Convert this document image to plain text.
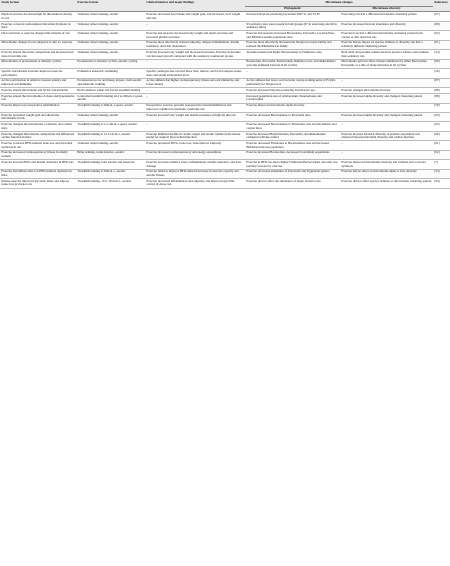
Study format	Exercise format	Clinical features and major findings	Microbiome changes		Reference
			Phylogenetic	Microbiome diversity	
Physical exercise decreased high fat diet-induced obesity in rats	Volunteer wheel running, aerobic	Exercise decreased food intake and weight gain, and increased cecal weight and size	Increased butyrate-producing bacterium SM7/11 and T2-87	Exercising rats had a different microbiome clustering pattern	[67]
Exercise corrected toxin-induced microbial dysbiosis in mice	Volunteer wheel running, aerobic	–	93 exclusive taxa were present in both groups (67 in exercising and 26 in sedentary mice)	Exercise increased bacteria abundance and diversity	[68]
Diet restriction or exercise changed microbiome of rats	Volunteer wheel running, aerobic	Exercise and anorexia decreased body weight and leptin secretion and increased ghrelin secretion	Exercise and anorexia increased Bacteroides, Prevotella, Lactobacillus, and Bifidobacterium population sizes	Exercised rats had a different microbiome clustering pattern from control or diet restricted rats	[62]
Microbiome changes in rats subjected to diet vs. exercise	Volunteer wheel running, aerobic	Exercise more effectively reduced adiposity, adipose inflammation, insulin resistance, and LDL cholesterol	Exercise more effectively increased the Streptococcaceae family and reduced the Rikenellaceae family	Exercise had no impact on species richness or diversity, but had a relatively different clustering pattern	[61]
Exercise altered microbial composition and increased lean mass in juvenile rats	Volunteer wheel running, aerobic	Exercise lowered body weight and increased lean mass. Exercise in juvenile rats increased growth compared with the sedentary counterpart groups	Juvenile runners had higher Bacteroidetes to Firmicutes ratio	Both adult and juvenile runners had less species richness and evenness than sedentary rats	[54]
Microbiomes of professional or amateur cyclists	Professional or amateur cyclists, aerobic cycling	–	Bacteroides, Prevotella, Eubacterium, Ruminococcus, and Akkermansia were the dominant bacteria in all cyclists	Microbiome split into three clusters dominated by either Bacteroides, Prevotella, or a mix of many microbes in all cyclists	[60]
Specific microbiome structure improved exercise performance	Exhaustive anaerobic swimming	Specific pathogen-free rats had more liver, muscle, and brown adipose tissue mass and serum antioxidants level	–	–	[56]
Active participation in athletics lowered anxiety and improved oral immunity	Professional soccer and hokey players, both aerobic and anaerobic training	Active athletes had higher cardiorespiratory fitness and oral immunity, and lower anxiety	Active athletes had lower oral bacterial colony-forming units (CFU)/ml, particularly for Streptococci	–	[87]
Exercise altered microbiome and SCFA concentration	Both volunteer wheel and forced treadmill running	–	Exercise increased butyrate-producing Turicibacter spp.	Exercise changed microbiome diversity	[88]
Exercise altered the microbiome of obese and hypertensive rats	Controlled treadmill running at12 to 20m.m-1 speed, aerobic	–	Increased population size of Allobaculum, Pseudomonas and Lactobacillus	Exercise increased alpha diversity and changed clustering pattern	[89]
Exercise improved postoperative rehabilitation	Treadmill training at 20m.m-1 speed, aerobic	Preoperative exercise prevents postoperative neuroinflammation and improves cognition in metabolic syndrome rats	Exercise improved microbiome alpha diversity		[59]
Exercise prevented weight gain and altered the microbiome in rats	Volunteer wheel running, aerobic	Exercise lowered body weight and insulin resistance in high-fat diet rats	Exercise decreased Bacteroidetes to Prevotella ratio	Exercise increased alpha diversity and changed clustering pattern	[63]
Exercise changed the microbiome of diabetic and control mice	Treadmill running at 2 to 4m.m-1 speed, aerobic	–	Exercise decreased Bacteroidetes to Firmicutes ratio in both diabetic and control mice	–	[65]
Exercise changed microbiome composition and influenced cardiac function in mice	Treadmill running at 12-15 m.m-1, aerobic	Exercise inhibited decline in cardiac output and stroke volume in the mouse model for surgical myocardial infarction	Exercise increased Butyricimonas, Prevotella, and Akkermansia compared with the control	Exercise increase bacterial diversity. A positive association was observed between microbial diversity and cardiac function	[90]
Exercise corrected HFD-induced bone loss and microbial dysbiosis in rats	Volunteer wheel running, aerobic	Exercise prevented BWG, bone loss, bone marrow adiposity	Exercise decreased Firmicutes to Bacteroidetes ratio and increased Bifidobacteriaceae population	–	[91]
Exercise increased cardiorespiratory fitness in elderly women	Brisk walking, trunk muscles, aerobic	Exercise increased cardiorespiratory and energy expenditure	Exercise increased Bacteroides, decreased Clostridium populations	–	[92]
Exercise lowered BWG and insulin resistance in HFD rats	Treadmill running, both aerobic and anaerobic	Exercise lowered oxidative stress, inflammation, insulin resistance, and liver damage	Exercise in HFD rats had a higher Firmicutes/Bacteroidetes ratio that was partially reverted by exercise	Exercise improved microbiome diversity and richness and corrected dysbiosis	[7]
Exercise had limited effect on HFD-induced dysbiosis in mice	Treadmill running at 20m.m-1, aerobic	Exercise failed to improve HFD-induced decrease in exercise capacity and aerobic fitness	Exercise decreased abundance of Prevotella and Tiggeredae genera	Exercise had no effect on microbiome alpha or beta diversity	[53]
Intense exercise improved glycemic index and adipose tissue loss in Zucker rats	Treadmill running, 10 to 18 m.m-1, aerobic	Exercise decreased inflammation and adiposity and improved glycemic control in obese rats	Exercise did not affect the abundance of major bacteria taxa	Exercise did not affect species richness or microbiome clustering pattern	[94]
